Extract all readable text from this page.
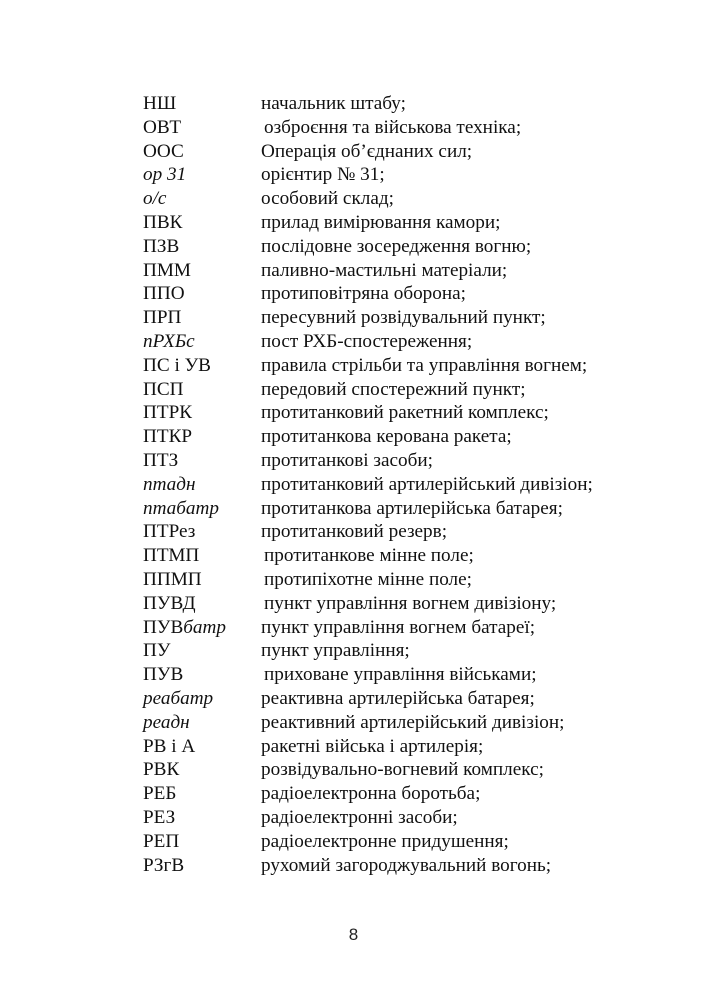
НШ	начальник штабу;
ОВТ	озброєння та військова техніка;
ООС	Операція об’єднаних сил;
ор 31	орієнтир № 31;
о/с	особовий склад;
ПВК	прилад вимірювання камори;
ПЗВ	послідовне зосередження вогню;
ПММ	паливно-мастильні матеріали;
ППО	протиповітряна оборона;
ПРП	пересувний розвідувальний пункт;
пРХБс	пост РХБ-спостереження;
ПС і УВ	правила стрільби та управління вогнем;
ПСП	передовий спостережний пункт;
ПТРК	протитанковий ракетний комплекс;
ПТКР	протитанкова керована ракета;
ПТЗ	протитанкові засоби;
птадн	протитанковий артилерійський дивізіон;
птабатр	протитанкова артилерійська батарея;
ПТРез	протитанковий резерв;
ПТМП	протитанкове мінне поле;
ППМП	протипіхотне мінне поле;
ПУВД	пункт управління вогнем дивізіону;
ПУВбатр	пункт управління вогнем батареї;
ПУ	пункт управління;
ПУВ	приховане управління військами;
реабатр	реактивна артилерійська батарея;
реадн	реактивний артилерійський дивізіон;
РВ і А	ракетні війська і артилерія;
РВК	розвідувально-вогневий комплекс;
РЕБ	радіоелектронна боротьба;
РЕЗ	радіоелектронні засоби;
РЕП	радіоелектронне придушення;
РЗгВ	рухомий загороджувальний вогонь;
8
